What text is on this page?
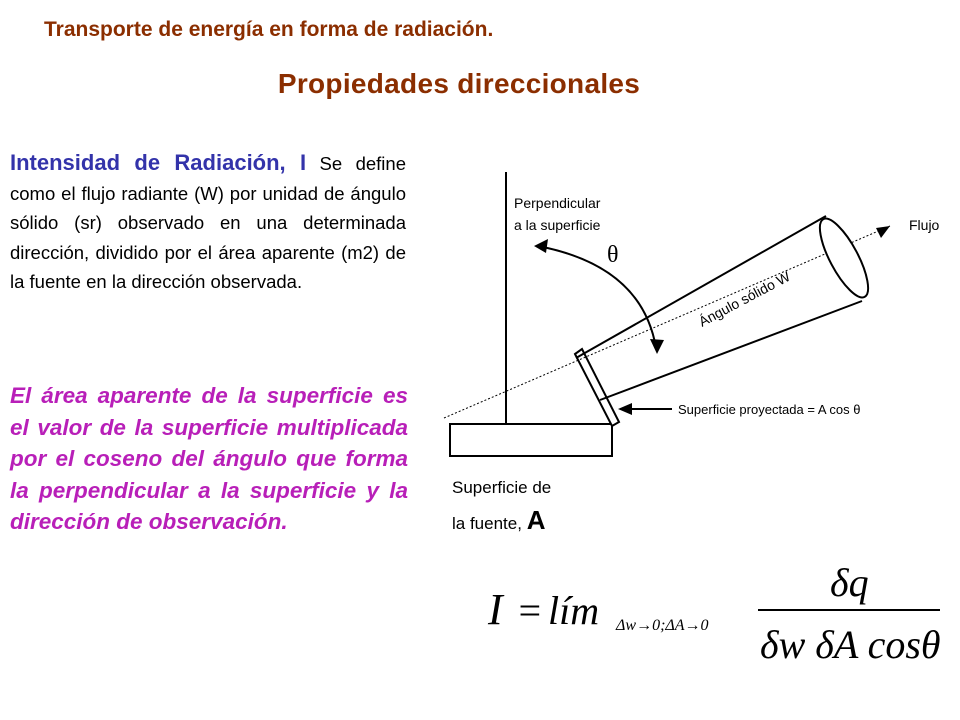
Transporte de energía en forma de radiación.
Propiedades direccionales
Intensidad de Radiación, I Se define como el flujo radiante (W) por unidad de ángulo sólido (sr) observado en una determinada dirección, dividido por el área aparente (m2) de la fuente en la dirección observada.
El área aparente de la superficie es el valor de la superficie multiplicada por el coseno del ángulo que forma la perpendicular a la superficie y la dirección de observación.
Perpendicular
a la superficie
θ
Flujo
Ángulo sólido W
Superficie proyectada = A cos θ
Superficie de
la fuente, A
I = lím Δw→0;ΔA→0
δq
δw δA cosθ
